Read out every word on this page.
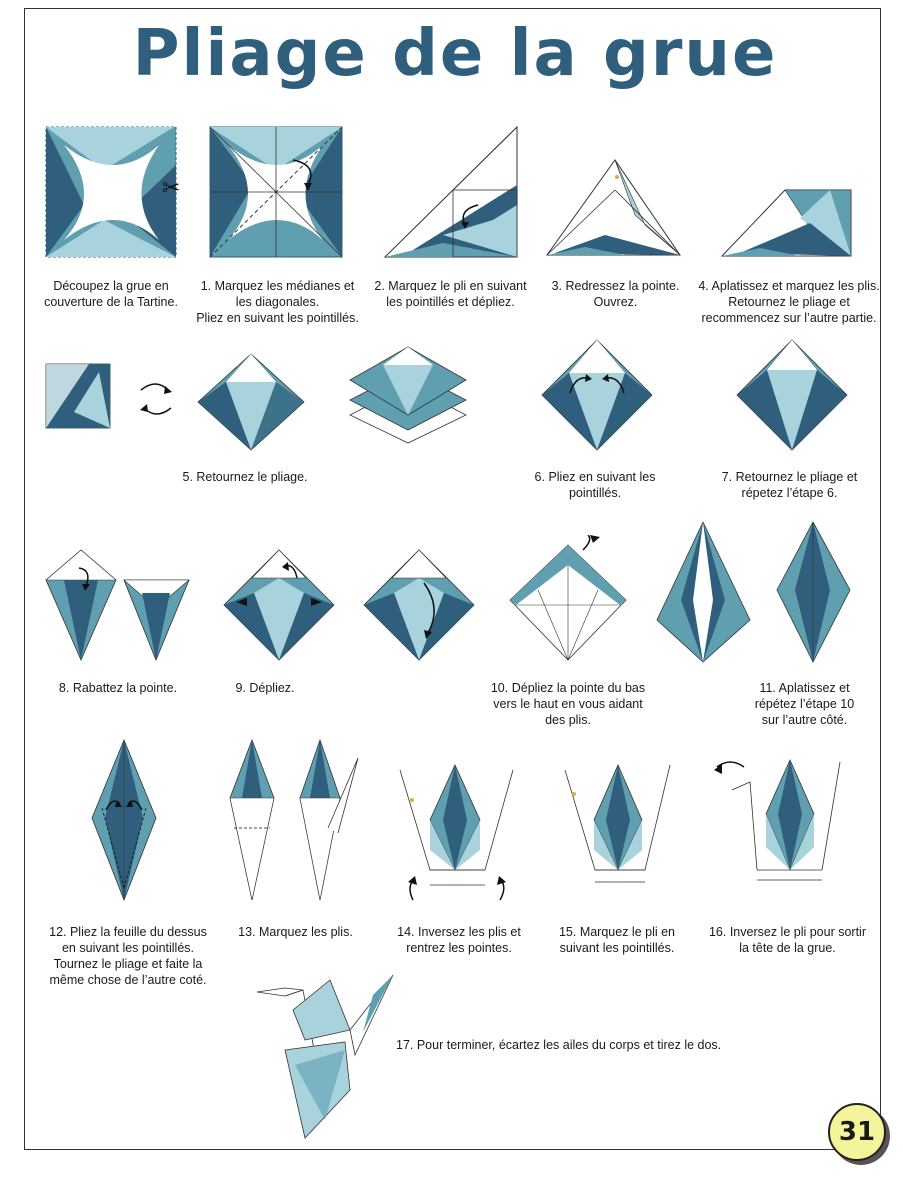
Pliage de la grue
✂
Découpez la grue en
couverture de la Tartine.
1. Marquez les médianes et
les diagonales.
Pliez en suivant les pointillés.
2. Marquez le pli en suivant
les pointillés et dépliez.
3. Redressez la pointe.
Ouvrez.
4. Aplatissez et marquez les plis.
Retournez le pliage et
recommencez sur l’autre partie.
5. Retournez le pliage.	6. Pliez en suivant les
pointillés.
7. Retournez le pliage et
répetez l’étape 6.
8. Rabattez la pointe.	9. Dépliez.	10. Dépliez la pointe du bas
vers le haut en vous aidant
des plis.
11. Aplatissez et
répétez l’étape 10
sur l’autre côté.
12. Pliez la feuille du dessus
en suivant les pointillés.
Tournez le pliage et faite la
même chose de l’autre coté.
13. Marquez les plis.	14. Inversez les plis et
rentrez les pointes.
15. Marquez le pli en
suivant les pointillés.
16. Inversez le pli pour sortir
la tête de la grue.
17. Pour terminer, écartez les ailes du corps et tirez le dos.
31
